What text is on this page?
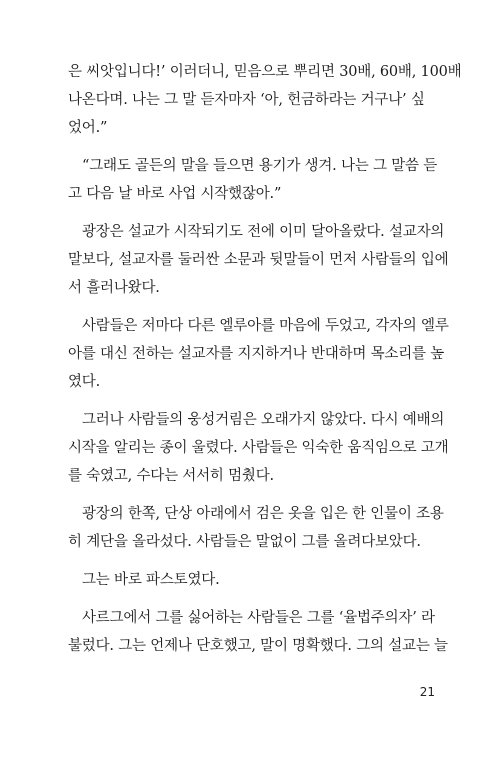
은 씨앗입니다!’ 이러더니, 믿음으로 뿌리면 30배, 60배, 100배
나온다며. 나는 그 말 듣자마자 ‘아, 헌금하라는 거구나’ 싶
었어.”
“그래도 골든의 말을 들으면 용기가 생겨. 나는 그 말씀 듣
고 다음 날 바로 사업 시작했잖아.”
광장은 설교가 시작되기도 전에 이미 달아올랐다. 설교자의
말보다, 설교자를 둘러싼 소문과 뒷말들이 먼저 사람들의 입에
서 흘러나왔다.
사람들은 저마다 다른 엘루아를 마음에 두었고, 각자의 엘루
아를 대신 전하는 설교자를 지지하거나 반대하며 목소리를 높
였다.
그러나 사람들의 웅성거림은 오래가지 않았다. 다시 예배의
시작을 알리는 종이 울렸다. 사람들은 익숙한 움직임으로 고개
를 숙였고, 수다는 서서히 멈췄다.
광장의 한쪽, 단상 아래에서 검은 옷을 입은 한 인물이 조용
히 계단을 올라섰다. 사람들은 말없이 그를 올려다보았다.
그는 바로 파스토였다.
사르그에서 그를 싫어하는 사람들은 그를 ‘율법주의자’ 라
불렀다. 그는 언제나 단호했고, 말이 명확했다. 그의 설교는 늘
21
